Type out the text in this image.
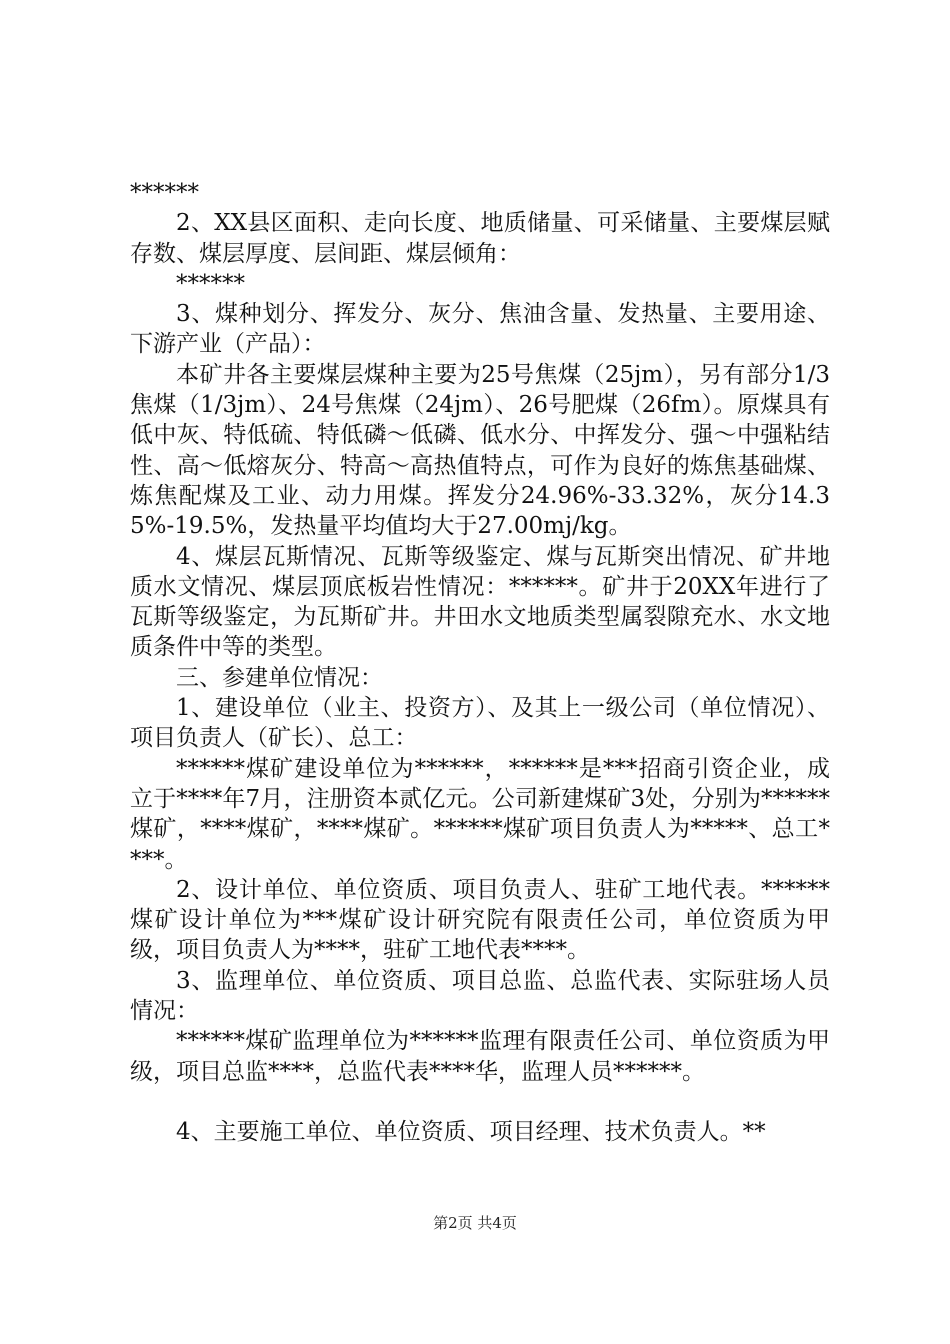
******

2、XX县区面积、走向长度、地质储量、可采储量、主要煤层赋存数、煤层厚度、层间距、煤层倾角：

******

3、煤种划分、挥发分、灰分、焦油含量、发热量、主要用途、下游产业（产品）：

本矿井各主要煤层煤种主要为25号焦煤（25jm），另有部分1/3焦煤（1/3jm）、24号焦煤（24jm）、26号肥煤（26fm）。原煤具有低中灰、特低硫、特低磷～低磷、低水分、中挥发分、强～中强粘结性、高～低熔灰分、特高～高热值特点，可作为良好的炼焦基础煤、炼焦配煤及工业、动力用煤。挥发分24.96%-33.32%，灰分14.35%-19.5%，发热量平均值均大于27.00mj/kg。

4、煤层瓦斯情况、瓦斯等级鉴定、煤与瓦斯突出情况、矿井地质水文情况、煤层顶底板岩性情况：******。矿井于20XX年进行了瓦斯等级鉴定，为瓦斯矿井。井田水文地质类型属裂隙充水、水文地质条件中等的类型。

三、参建单位情况：

1、建设单位（业主、投资方）、及其上一级公司（单位情况）、项目负责人（矿长）、总工：

******煤矿建设单位为******，******是***招商引资企业，成立于****年7月，注册资本贰亿元。公司新建煤矿3处，分别为******煤矿，****煤矿，****煤矿。******煤矿项目负责人为*****、总工****。

2、设计单位、单位资质、项目负责人、驻矿工地代表。******煤矿设计单位为***煤矿设计研究院有限责任公司，单位资质为甲级，项目负责人为****，驻矿工地代表****。

3、监理单位、单位资质、项目总监、总监代表、实际驻场人员情况：

******煤矿监理单位为******监理有限责任公司、单位资质为甲级，项目总监****，总监代表****华，监理人员******。

4、主要施工单位、单位资质、项目经理、技术负责人。**

第2页 共4页
